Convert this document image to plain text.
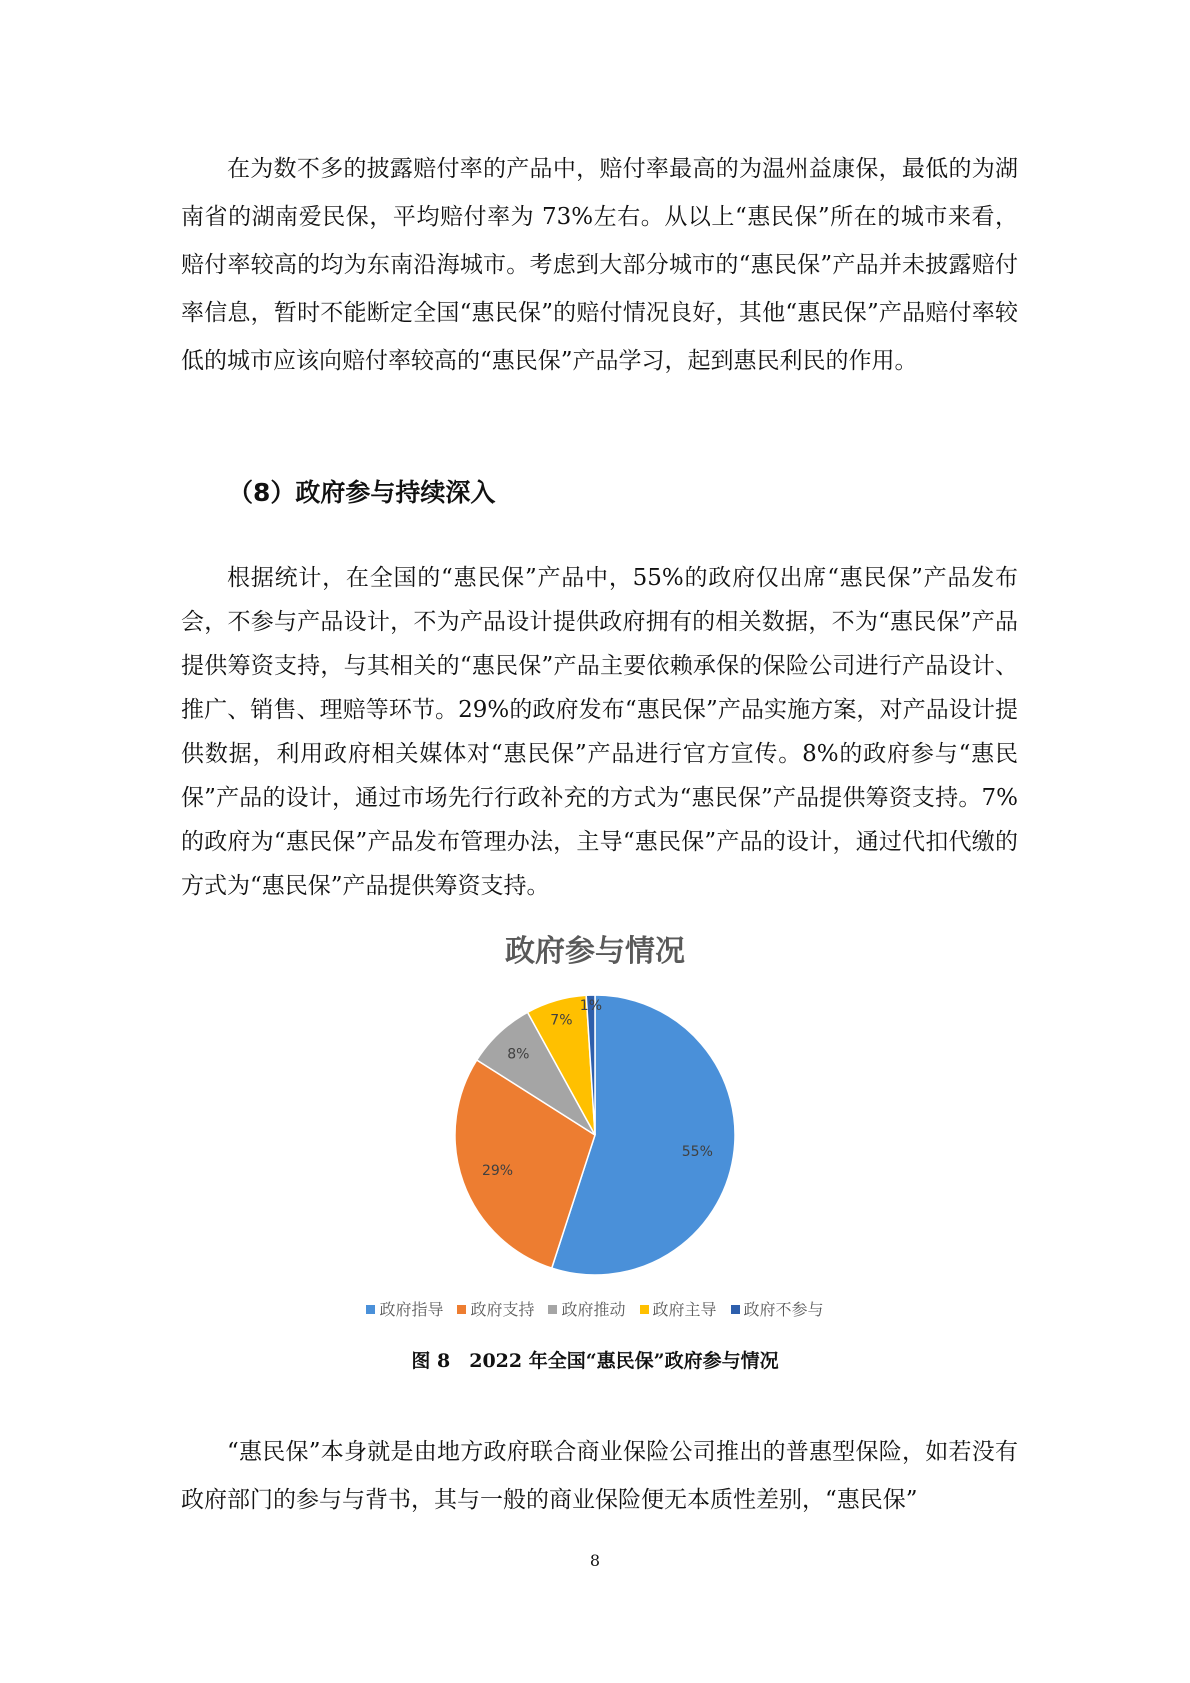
在为数不多的披露赔付率的产品中，赔付率最高的为温州益康保，最低的为湖南省的湖南爱民保，平均赔付率为 73%左右。从以上“惠民保”所在的城市来看，赔付率较高的均为东南沿海城市。考虑到大部分城市的“惠民保”产品并未披露赔付率信息，暂时不能断定全国“惠民保”的赔付情况良好，其他“惠民保”产品赔付率较低的城市应该向赔付率较高的“惠民保”产品学习，起到惠民利民的作用。

（8）政府参与持续深入

根据统计，在全国的“惠民保”产品中，55%的政府仅出席“惠民保”产品发布会，不参与产品设计，不为产品设计提供政府拥有的相关数据，不为“惠民保”产品提供筹资支持，与其相关的“惠民保”产品主要依赖承保的保险公司进行产品设计、推广、销售、理赔等环节。29%的政府发布“惠民保”产品实施方案，对产品设计提供数据，利用政府相关媒体对“惠民保”产品进行官方宣传。8%的政府参与“惠民保”产品的设计，通过市场先行行政补充的方式为“惠民保”产品提供筹资支持。7%的政府为“惠民保”产品发布管理办法，主导“惠民保”产品的设计，通过代扣代缴的方式为“惠民保”产品提供筹资支持。

政府参与情况
55%
29%
8%
7%
1%
政府指导 政府支持 政府推动 政府主导 政府不参与

图 8　2022 年全国“惠民保”政府参与情况

“惠民保”本身就是由地方政府联合商业保险公司推出的普惠型保险，如若没有政府部门的参与与背书，其与一般的商业保险便无本质性差别，“惠民保”

8
